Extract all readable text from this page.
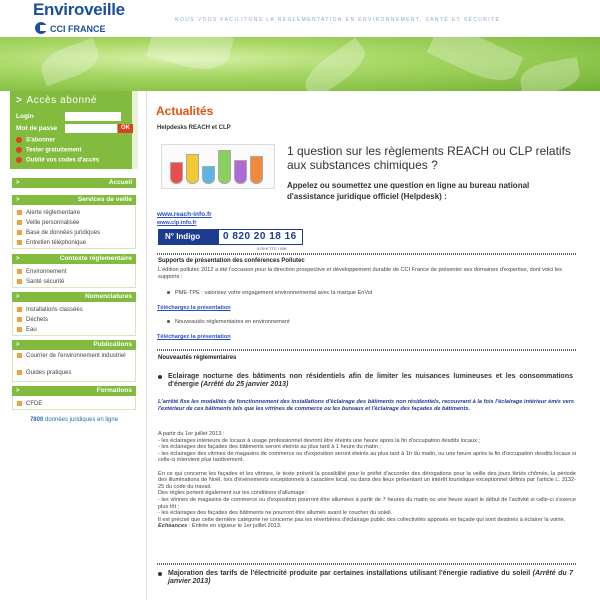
Enviroveille
CCI FRANCE
NOUS VOUS FACILITONS LA RÉGLEMENTATION EN ENVIRONNEMENT, SANTÉ ET SÉCURITÉ
> Accès abonné
Login
Mot de passe	OK
S'abonner
Tester gratuitement
Oublié vos codes d'accès
>	Accueil
>	Services de veille
Alerte réglementaire
Veille personnalisée
Base de données juridiques
Entretien téléphonique
>	Contexte réglementaire
Environnement
Santé sécurité
>	Nomenclatures
Installations classées
Déchets
Eau
>	Publications
Courrier de l'environnement industriel
Guides pratiques
>	Formations
CFDE
7800 données juridiques en ligne
Actualités
Helpdesks REACH et CLP
1 question sur les règlements REACH ou CLP relatifs aux substances chimiques ?
Appelez ou soumettez une question en ligne au bureau national d'assistance juridique officiel (Helpdesk) :
www.reach-info.fr
www.clp-info.fr
N° Indigo	0 820 20 18 16
0,09 € TTC / MN
Supports de présentation des conférences Pollutec
L'édition pollutec 2012 a été l'occasion pour la direction prospective et développement durable de CCI France de présenter ses domaines d'expertise, dont voici les supports :
PME-TPE : valorisez votre engagement environnemental avec la marque EnVol
Téléchargez la présentation
Nouveautés réglementaires en environnement
Téléchargez la présentation
Nouveautés réglementaires
Eclairage nocturne des bâtiments non résidentiels afin de limiter les nuisances lumineuses et les consommations d'énergie (Arrêté du 25 janvier 2013)
L'arrêté fixe les modalités de fonctionnement des installations d'éclairage des bâtiments non résidentiels, recouvrant à la fois l'éclairage intérieur émis vers l'extérieur de ces bâtiments tels que les vitrines de commerce ou les bureaux et l'éclairage des façades de bâtiments.
A partir du 1er juillet 2013 :
- les éclairages intérieurs de locaux à usage professionnel devront être éteints une heure après la fin d'occupation desdits locaux ;
- les éclairages des façades des bâtiments seront éteints au plus tard à 1 heure du matin ;
- les éclairages des vitrines de magasins de commerce ou d'exposition seront éteints au plus tard à 1h du matin, ou une heure après la fin d'occupation desdits locaux si celle-ci intervient plus tardivement.
En ce qui concerne les façades et les vitrines, le texte prévoit la possibilité pour le préfet d'accorder des dérogations pour la veille des jours fériés chômés, la période des illuminations de Noël, lors d'événements exceptionnels à caractère local, ou dans des lieux présentant un intérêt touristique exceptionnel définis par l'article L. 3132-25 du code du travail.
Des règles portent également sur les conditions d'allumage :
- les vitrines de magasins de commerce ou d'exposition pourront être allumées à partir de 7 heures du matin ou une heure avant le début de l'activité si celle-ci s'exerce plus tôt ;
- les éclairages des façades des bâtiments ne pourront être allumés avant le coucher du soleil.
Il est précisé que cette dernière catégorie ne concerne pas les réverbères d'éclairage public des collectivités apposés en façade qui sont destinés à éclairer la voirie.
Echéances : Entrée en vigueur le 1er juillet 2013.
Majoration des tarifs de l'électricité produite par certaines installations utilisant l'énergie radiative du soleil (Arrêté du 7 janvier 2013)
